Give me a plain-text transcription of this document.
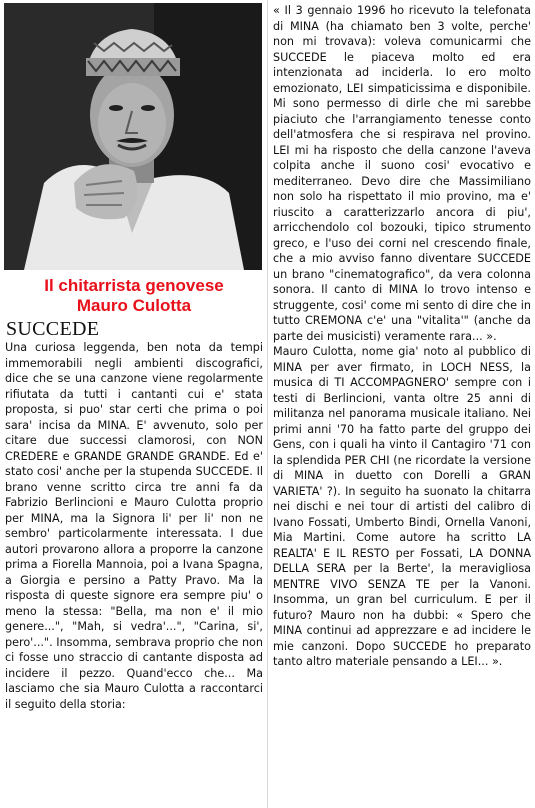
Il chitarrista genovese
Mauro Culotta
SUCCEDE

Una curiosa leggenda, ben nota da tempi immemorabili negli ambienti discografici, dice che se una canzone viene regolarmente rifiutata da tutti i cantanti cui e' stata proposta, si puo' star certi che prima o poi sara' incisa da MINA. E' avvenuto, solo per citare due successi clamorosi, con NON CREDERE e GRANDE GRANDE GRANDE. Ed e' stato cosi' anche per la stupenda SUCCEDE. Il brano venne scritto circa tre anni fa da Fabrizio Berlincioni e Mauro Culotta proprio per MINA, ma la Signora li' per li' non ne sembro' particolarmente interessata. I due autori provarono allora a proporre la canzone prima a Fiorella Mannoia, poi a Ivana Spagna, a Giorgia e persino a Patty Pravo. Ma la risposta di queste signore era sempre piu' o meno la stessa: "Bella, ma non e' il mio genere...", "Mah, si vedra'...", "Carina, si', pero'...". Insomma, sembrava proprio che non ci fosse uno straccio di cantante disposta ad incidere il pezzo. Quand'ecco che... Ma lasciamo che sia Mauro Culotta a raccontarci il seguito della storia:

« Il 3 gennaio 1996 ho ricevuto la telefonata di MINA (ha chiamato ben 3 volte, perche' non mi trovava): voleva comunicarmi che SUCCEDE le piaceva molto ed era intenzionata ad inciderla. Io ero molto emozionato, LEI simpaticissima e disponibile. Mi sono permesso di dirle che mi sarebbe piaciuto che l'arrangiamento tenesse conto dell'atmosfera che si respirava nel provino. LEI mi ha risposto che della canzone l'aveva colpita anche il suono cosi' evocativo e mediterraneo. Devo dire che Massimiliano non solo ha rispettato il mio provino, ma e' riuscito a caratterizzarlo ancora di piu', arricchendolo col bozouki, tipico strumento greco, e l'uso dei corni nel crescendo finale, che a mio avviso fanno diventare SUCCEDE un brano "cinematografico", da vera colonna sonora. Il canto di MINA lo trovo intenso e struggente, cosi' come mi sento di dire che in tutto CREMONA c'e' una "vitalita'" (anche da parte dei musicisti) veramente rara... ».

Mauro Culotta, nome gia' noto al pubblico di MINA per aver firmato, in LOCH NESS, la musica di TI ACCOMPAGNERO' sempre con i testi di Berlincioni, vanta oltre 25 anni di militanza nel panorama musicale italiano. Nei primi anni '70 ha fatto parte del gruppo dei Gens, con i quali ha vinto il Cantagiro '71 con la splendida PER CHI (ne ricordate la versione di MINA in duetto con Dorelli a GRAN VARIETA' ?). In seguito ha suonato la chitarra nei dischi e nei tour di artisti del calibro di Ivano Fossati, Umberto Bindi, Ornella Vanoni, Mia Martini. Come autore ha scritto LA REALTA' E IL RESTO per Fossati, LA DONNA DELLA SERA per la Berte', la meravigliosa MENTRE VIVO SENZA TE per la Vanoni. Insomma, un gran bel curriculum. E per il futuro? Mauro non ha dubbi: « Spero che MINA continui ad apprezzare e ad incidere le mie canzoni. Dopo SUCCEDE ho preparato tanto altro materiale pensando a LEI... ».
